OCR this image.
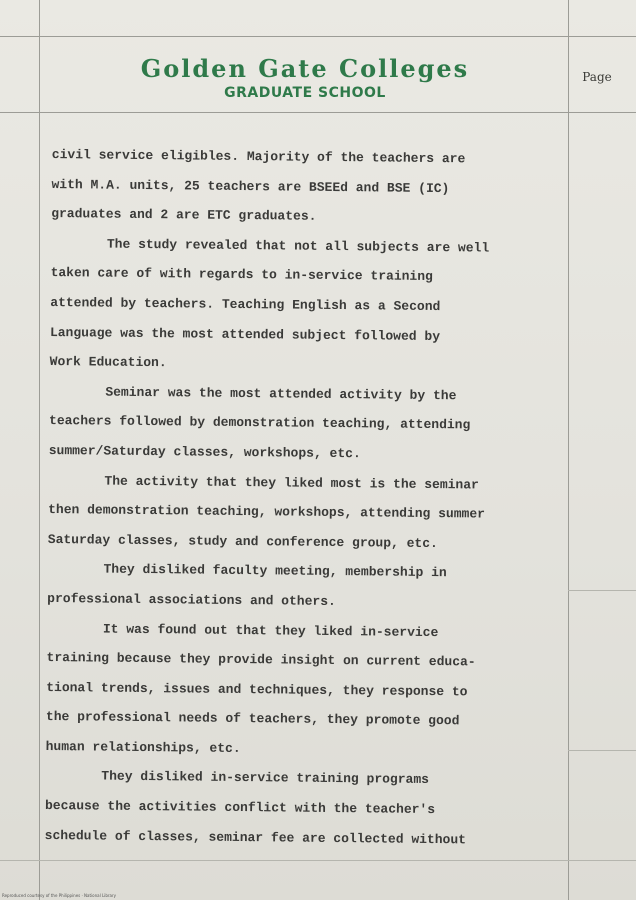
Golden Gate Colleges
GRADUATE SCHOOL
Page
civil service eligibles. Majority of the teachers are
with M.A. units, 25 teachers are BSEEd and BSE (IC)
graduates and 2 are ETC graduates.
The study revealed that not all subjects are well
taken care of with regards to in-service training
attended by teachers. Teaching English as a Second
Language was the most attended subject followed by
Work Education.
Seminar was the most attended activity by the
teachers followed by demonstration teaching, attending
summer/Saturday classes, workshops, etc.
The activity that they liked most is the seminar
then demonstration teaching, workshops, attending summer
Saturday classes, study and conference group, etc.
They disliked faculty meeting, membership in
professional associations and others.
It was found out that they liked in-service
training because they provide insight on current educa-
tional trends, issues and techniques, they response to
the professional needs of teachers, they promote good
human relationships, etc.
They disliked in-service training programs
because the activities conflict with the teacher's
schedule of classes, seminar fee are collected without
Reproduced courtesy of the Philippines · National Library
